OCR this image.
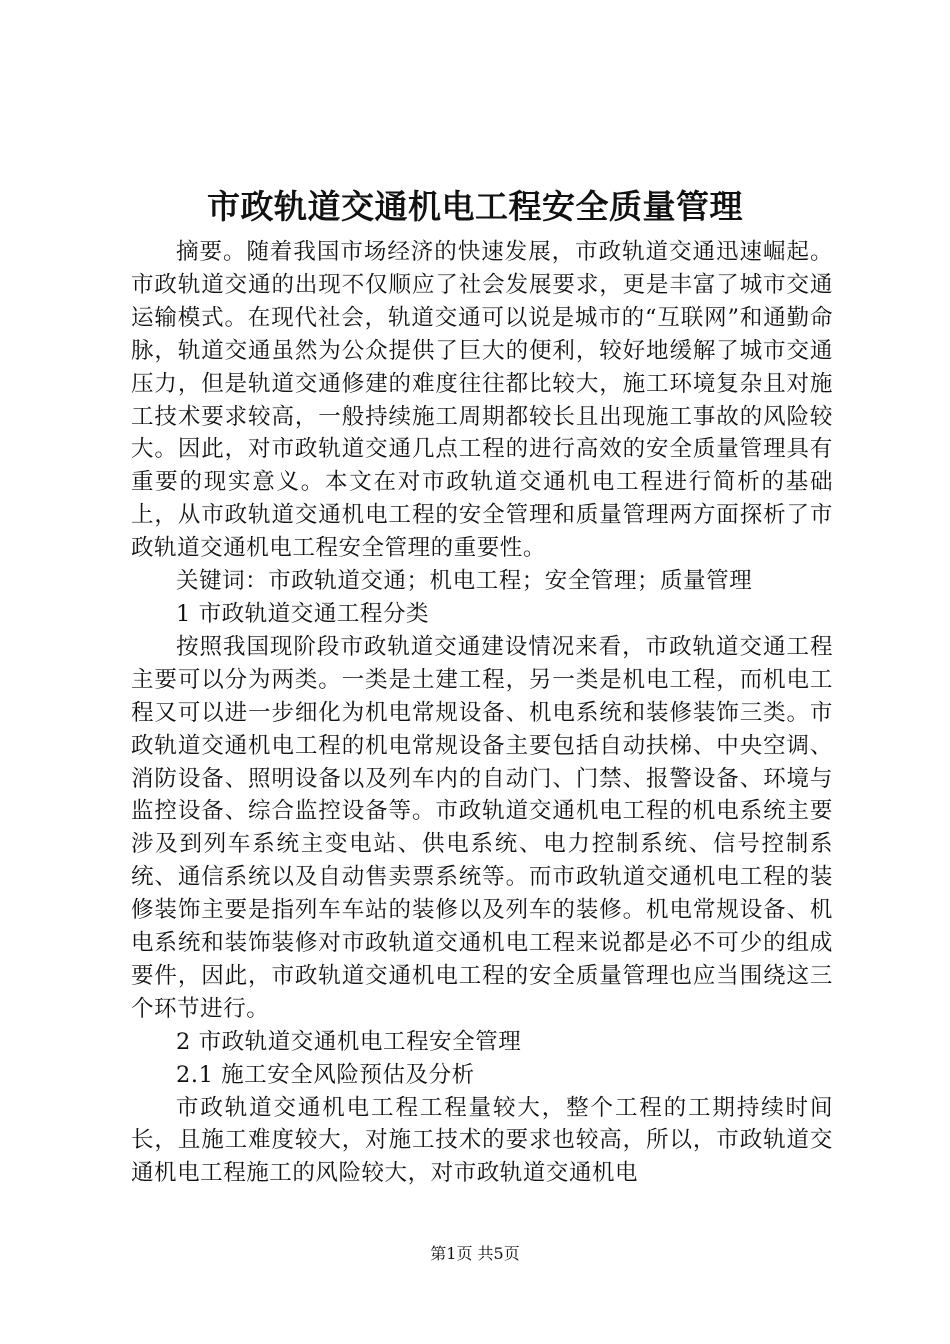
市政轨道交通机电工程安全质量管理

摘要。随着我国市场经济的快速发展，市政轨道交通迅速崛起。市政轨道交通的出现不仅顺应了社会发展要求，更是丰富了城市交通运输模式。在现代社会，轨道交通可以说是城市的“互联网”和通勤命脉，轨道交通虽然为公众提供了巨大的便利，较好地缓解了城市交通压力，但是轨道交通修建的难度往往都比较大，施工环境复杂且对施工技术要求较高，一般持续施工周期都较长且出现施工事故的风险较大。因此，对市政轨道交通几点工程的进行高效的安全质量管理具有重要的现实意义。本文在对市政轨道交通机电工程进行简析的基础上，从市政轨道交通机电工程的安全管理和质量管理两方面探析了市政轨道交通机电工程安全管理的重要性。

关键词：市政轨道交通；机电工程；安全管理；质量管理

1 市政轨道交通工程分类

按照我国现阶段市政轨道交通建设情况来看，市政轨道交通工程主要可以分为两类。一类是土建工程，另一类是机电工程，而机电工程又可以进一步细化为机电常规设备、机电系统和装修装饰三类。市政轨道交通机电工程的机电常规设备主要包括自动扶梯、中央空调、消防设备、照明设备以及列车内的自动门、门禁、报警设备、环境与监控设备、综合监控设备等。市政轨道交通机电工程的机电系统主要涉及到列车系统主变电站、供电系统、电力控制系统、信号控制系统、通信系统以及自动售卖票系统等。而市政轨道交通机电工程的装修装饰主要是指列车车站的装修以及列车的装修。机电常规设备、机电系统和装饰装修对市政轨道交通机电工程来说都是必不可少的组成要件，因此，市政轨道交通机电工程的安全质量管理也应当围绕这三个环节进行。

2 市政轨道交通机电工程安全管理

2.1 施工安全风险预估及分析

市政轨道交通机电工程工程量较大，整个工程的工期持续时间长，且施工难度较大，对施工技术的要求也较高，所以，市政轨道交通机电工程施工的风险较大，对市政轨道交通机电

第1页 共5页
